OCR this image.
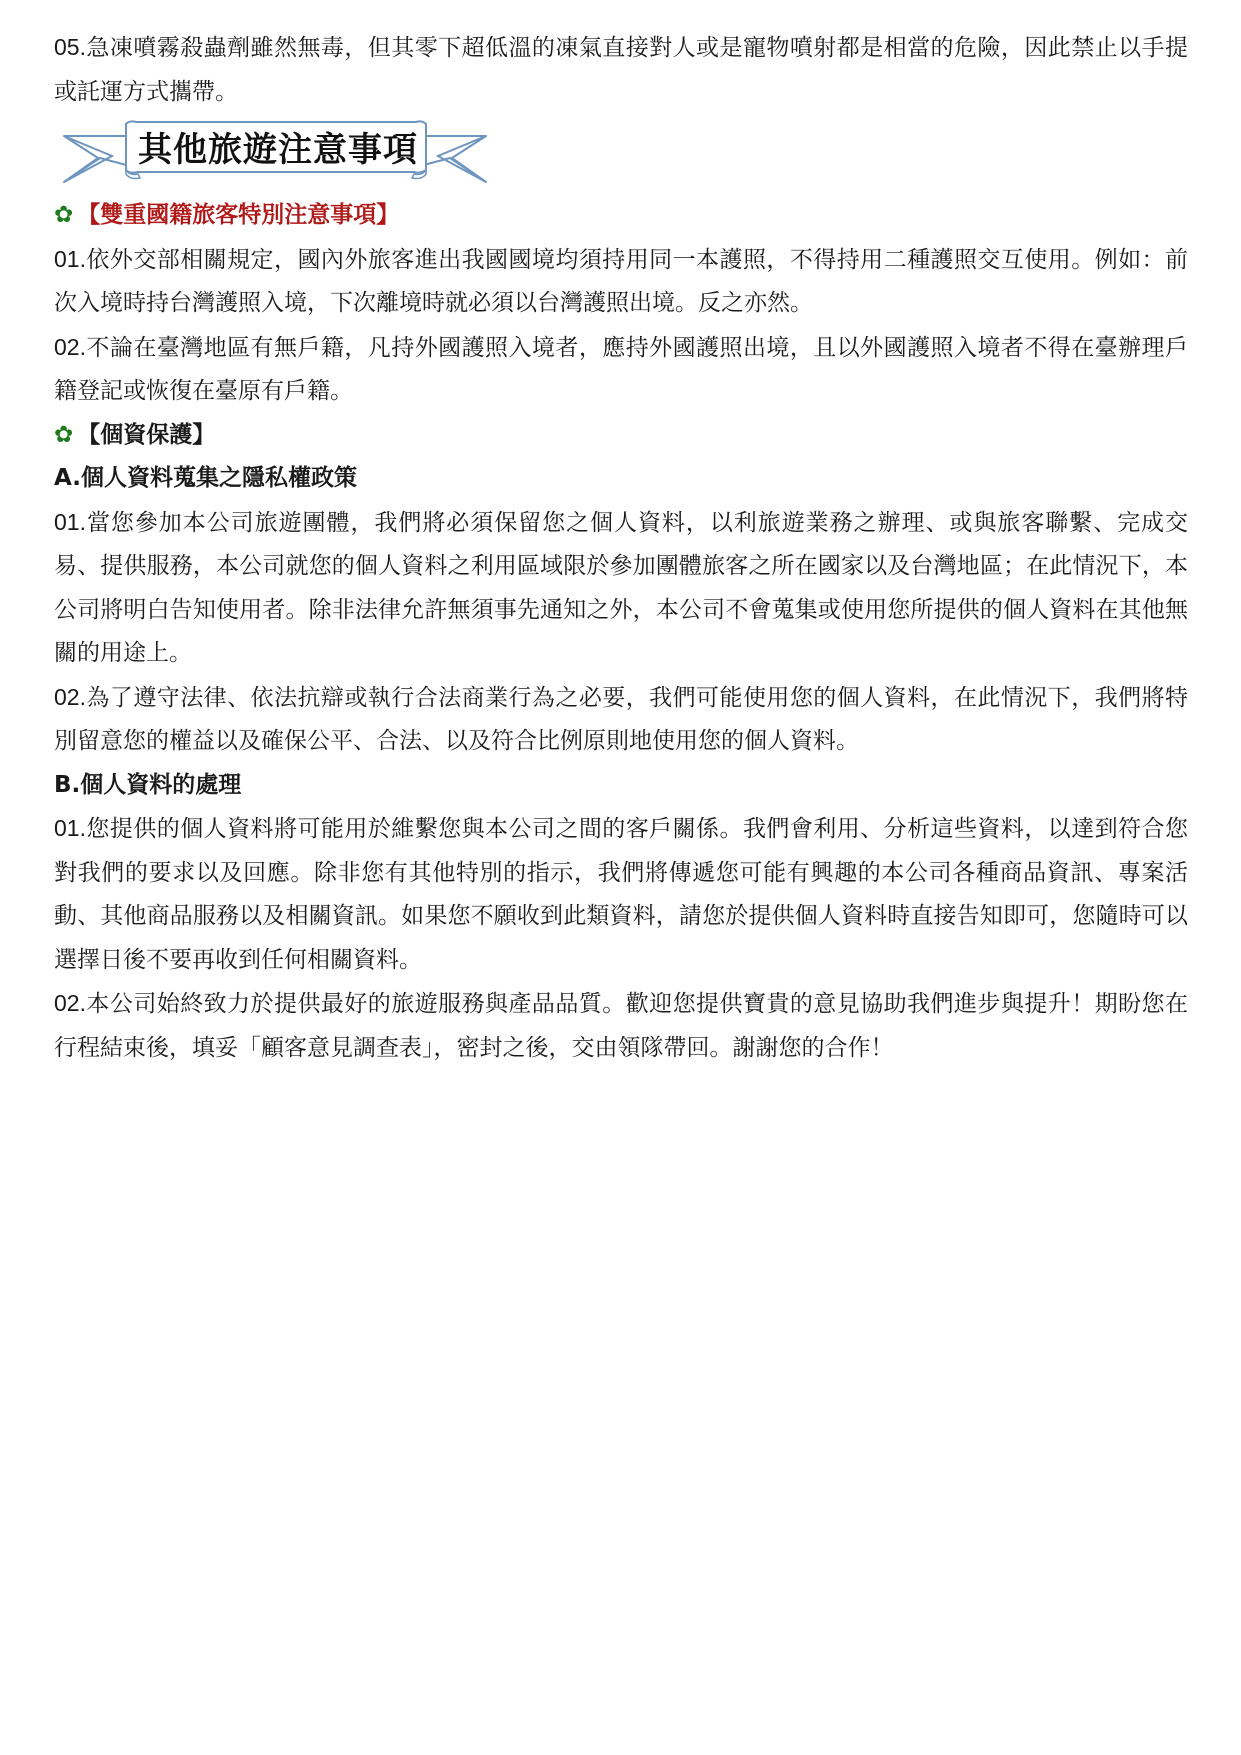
05.急凍噴霧殺蟲劑雖然無毒，但其零下超低溫的凍氣直接對人或是寵物噴射都是相當的危險，因此禁止以手提或託運方式攜帶。

其他旅遊注意事項

✿ 【雙重國籍旅客特別注意事項】

01.依外交部相關規定，國內外旅客進出我國國境均須持用同一本護照，不得持用二種護照交互使用。例如：前次入境時持台灣護照入境，下次離境時就必須以台灣護照出境。反之亦然。

02.不論在臺灣地區有無戶籍，凡持外國護照入境者，應持外國護照出境，且以外國護照入境者不得在臺辦理戶籍登記或恢復在臺原有戶籍。

✿ 【個資保護】

A.個人資料蒐集之隱私權政策

01.當您參加本公司旅遊團體，我們將必須保留您之個人資料，以利旅遊業務之辦理、或與旅客聯繫、完成交易、提供服務，本公司就您的個人資料之利用區域限於參加團體旅客之所在國家以及台灣地區；在此情況下，本公司將明白告知使用者。除非法律允許無須事先通知之外，本公司不會蒐集或使用您所提供的個人資料在其他無關的用途上。

02.為了遵守法律、依法抗辯或執行合法商業行為之必要，我們可能使用您的個人資料，在此情況下，我們將特別留意您的權益以及確保公平、合法、以及符合比例原則地使用您的個人資料。

B.個人資料的處理

01.您提供的個人資料將可能用於維繫您與本公司之間的客戶關係。我們會利用、分析這些資料，以達到符合您對我們的要求以及回應。除非您有其他特別的指示，我們將傳遞您可能有興趣的本公司各種商品資訊、專案活動、其他商品服務以及相關資訊。如果您不願收到此類資料，請您於提供個人資料時直接告知即可，您隨時可以選擇日後不要再收到任何相關資料。

02.本公司始終致力於提供最好的旅遊服務與產品品質。歡迎您提供寶貴的意見協助我們進步與提升！期盼您在行程結束後，填妥「顧客意見調查表」，密封之後，交由領隊帶回。謝謝您的合作！
